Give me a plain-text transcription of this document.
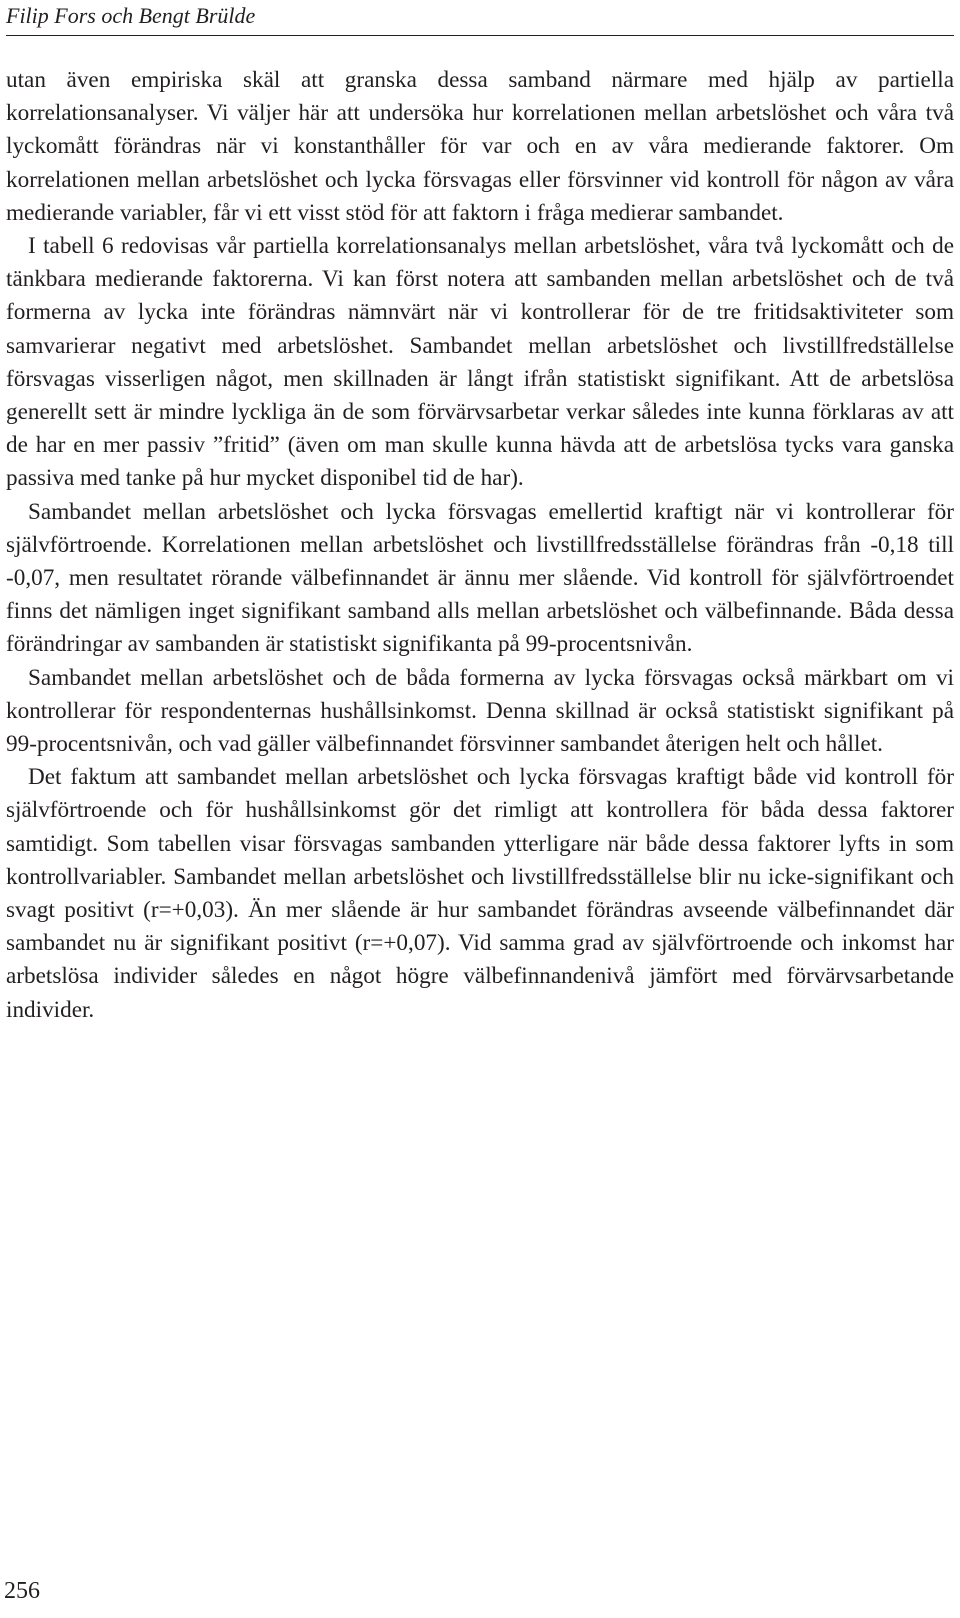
Filip Fors och Bengt Brülde

utan även empiriska skäl att granska dessa samband närmare med hjälp av partiella korrelationsanalyser. Vi väljer här att undersöka hur korrelationen mellan arbetslöshet och våra två lyckomått förändras när vi konstanthåller för var och en av våra medierande faktorer. Om korrelationen mellan arbetslöshet och lycka försvagas eller försvinner vid kontroll för någon av våra medierande variabler, får vi ett visst stöd för att faktorn i fråga medierar sambandet.

I tabell 6 redovisas vår partiella korrelationsanalys mellan arbetslöshet, våra två lyckomått och de tänkbara medierande faktorerna. Vi kan först notera att sambanden mellan arbetslöshet och de två formerna av lycka inte förändras nämnvärt när vi kontrollerar för de tre fritidsaktiviteter som samvarierar negativt med arbetslöshet. Sambandet mellan arbetslöshet och livstillfredställelse försvagas visserligen något, men skillnaden är långt ifrån statistiskt signifikant. Att de arbetslösa generellt sett är mindre lyckliga än de som förvärvsarbetar verkar således inte kunna förklaras av att de har en mer passiv ”fritid” (även om man skulle kunna hävda att de arbetslösa tycks vara ganska passiva med tanke på hur mycket disponibel tid de har).

Sambandet mellan arbetslöshet och lycka försvagas emellertid kraftigt när vi kontrollerar för självförtroende. Korrelationen mellan arbetslöshet och livstillfredsställelse förändras från -0,18 till -0,07, men resultatet rörande välbefinnandet är ännu mer slående. Vid kontroll för självförtroendet finns det nämligen inget signifikant samband alls mellan arbetslöshet och välbefinnande. Båda dessa förändringar av sambanden är statistiskt signifikanta på 99-procentsnivån.

Sambandet mellan arbetslöshet och de båda formerna av lycka försvagas också märkbart om vi kontrollerar för respondenternas hushållsinkomst. Denna skillnad är också statistiskt signifikant på 99-procentsnivån, och vad gäller välbefinnandet försvinner sambandet återigen helt och hållet.

Det faktum att sambandet mellan arbetslöshet och lycka försvagas kraftigt både vid kontroll för självförtroende och för hushållsinkomst gör det rimligt att kontrollera för båda dessa faktorer samtidigt. Som tabellen visar försvagas sambanden ytterligare när både dessa faktorer lyfts in som kontrollvariabler. Sambandet mellan arbetslöshet och livstillfredsställelse blir nu icke-signifikant och svagt positivt (r=+0,03). Än mer slående är hur sambandet förändras avseende välbefinnandet där sambandet nu är signifikant positivt (r=+0,07). Vid samma grad av självförtroende och inkomst har arbetslösa individer således en något högre välbefinnandenivå jämfört med förvärvsarbetande individer.

256
